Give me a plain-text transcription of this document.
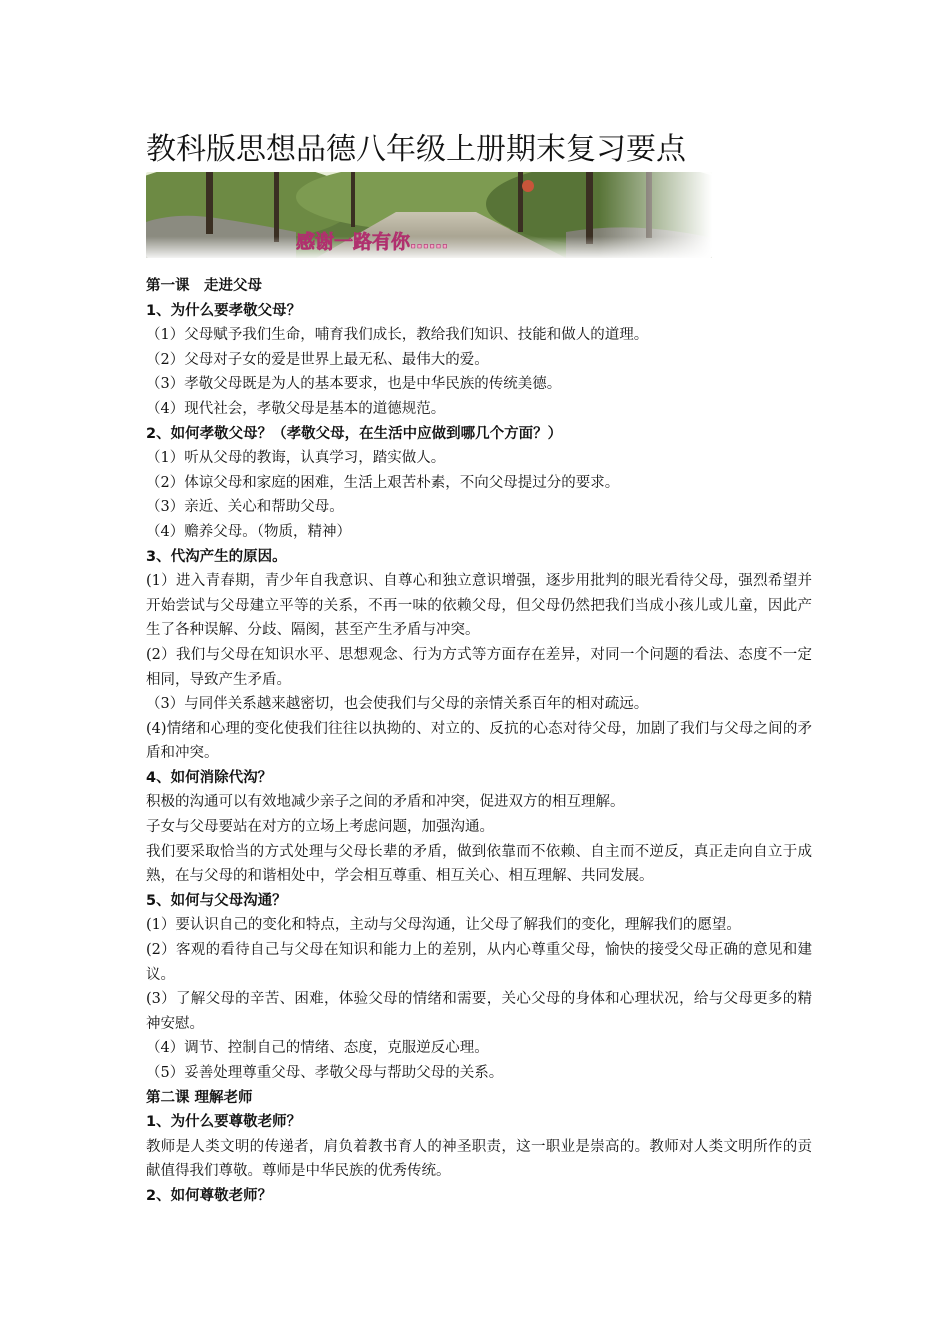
教科版思想品德八年级上册期末复习要点
感谢一路有你……

第一课　走进父母

1、为什么要孝敬父母？

（1）父母赋予我们生命，哺育我们成长，教给我们知识、技能和做人的道理。

（2）父母对子女的爱是世界上最无私、最伟大的爱。

（3）孝敬父母既是为人的基本要求，也是中华民族的传统美德。

（4）现代社会，孝敬父母是基本的道德规范。

2、如何孝敬父母？（孝敬父母，在生活中应做到哪几个方面？）

（1）听从父母的教诲，认真学习，踏实做人。

（2）体谅父母和家庭的困难，生活上艰苦朴素，不向父母提过分的要求。

（3）亲近、关心和帮助父母。

（4）赡养父母。（物质，精神）

3、代沟产生的原因。

(1）进入青春期，青少年自我意识、自尊心和独立意识增强，逐步用批判的眼光看待父母，强烈希望并开始尝试与父母建立平等的关系，不再一味的依赖父母，但父母仍然把我们当成小孩儿或儿童，因此产生了各种误解、分歧、隔阂，甚至产生矛盾与冲突。

(2）我们与父母在知识水平、思想观念、行为方式等方面存在差异，对同一个问题的看法、态度不一定相同，导致产生矛盾。

（3）与同伴关系越来越密切，也会使我们与父母的亲情关系百年的相对疏远。

(4)情绪和心理的变化使我们往往以执拗的、对立的、反抗的心态对待父母，加剧了我们与父母之间的矛盾和冲突。

4、如何消除代沟？

积极的沟通可以有效地减少亲子之间的矛盾和冲突，促进双方的相互理解。

子女与父母要站在对方的立场上考虑问题，加强沟通。

我们要采取恰当的方式处理与父母长辈的矛盾，做到依靠而不依赖、自主而不逆反，真正走向自立于成熟，在与父母的和谐相处中，学会相互尊重、相互关心、相互理解、共同发展。

5、如何与父母沟通？

(1）要认识自己的变化和特点，主动与父母沟通，让父母了解我们的变化，理解我们的愿望。

(2）客观的看待自己与父母在知识和能力上的差别，从内心尊重父母，愉快的接受父母正确的意见和建议。

(3）了解父母的辛苦、困难，体验父母的情绪和需要，关心父母的身体和心理状况，给与父母更多的精神安慰。

（4）调节、控制自己的情绪、态度，克服逆反心理。

（5）妥善处理尊重父母、孝敬父母与帮助父母的关系。

第二课 理解老师

1、为什么要尊敬老师？

教师是人类文明的传递者，肩负着教书育人的神圣职责，这一职业是崇高的。教师对人类文明所作的贡献值得我们尊敬。尊师是中华民族的优秀传统。

2、如何尊敬老师？
